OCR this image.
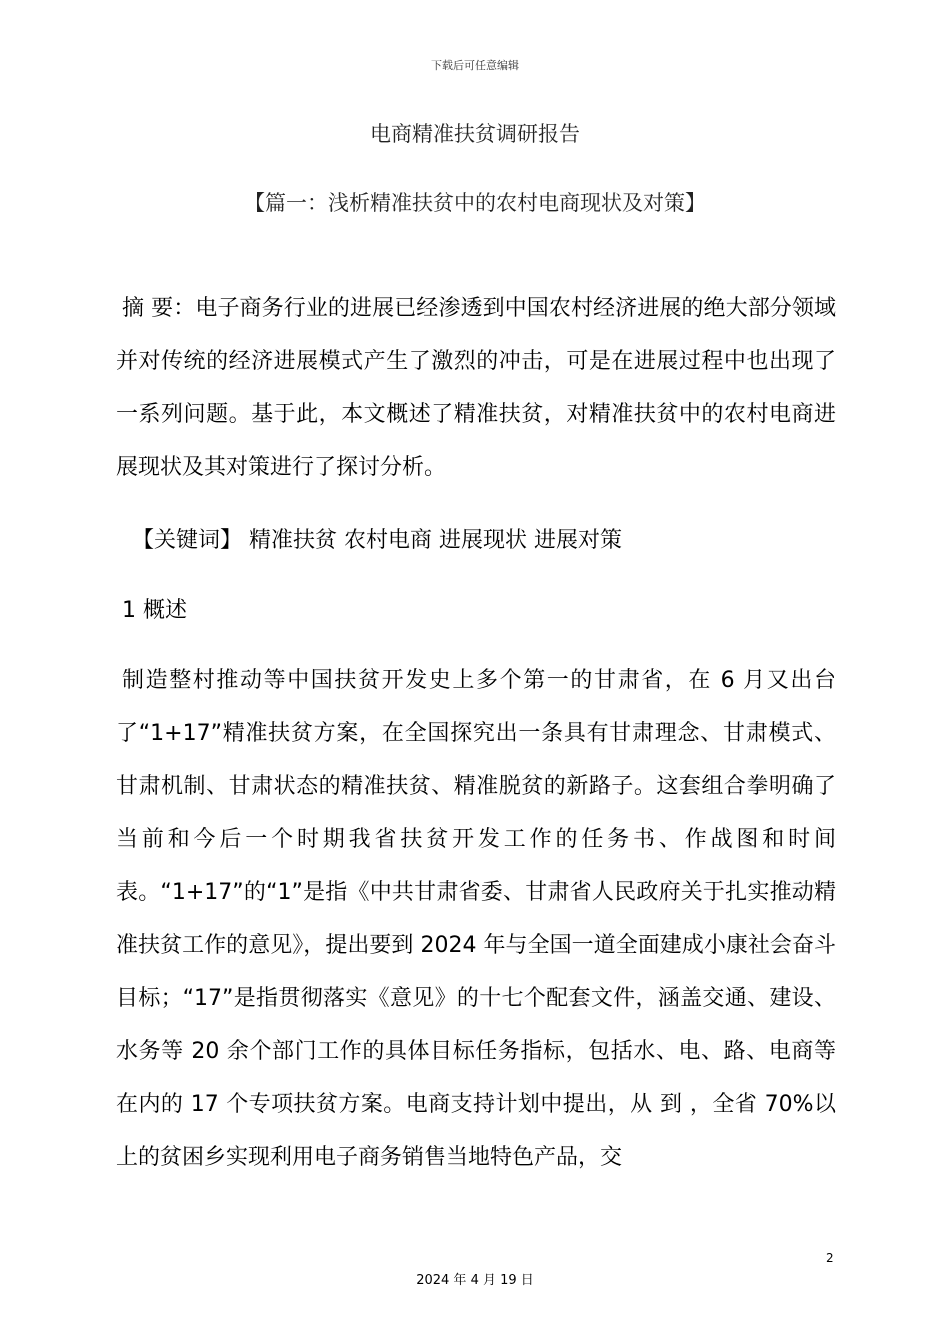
下载后可任意编辑
电商精准扶贫调研报告
【篇一：浅析精准扶贫中的农村电商现状及对策】

摘 要：电子商务行业的进展已经渗透到中国农村经济进展的绝大部分领域并对传统的经济进展模式产生了激烈的冲击，可是在进展过程中也出现了一系列问题。基于此，本文概述了精准扶贫，对精准扶贫中的农村电商进展现状及其对策进行了探讨分析。

【关键词】 精准扶贫 农村电商 进展现状 进展对策
1 概述

制造整村推动等中国扶贫开发史上多个第一的甘肃省，在 6 月又出台了“1+17”精准扶贫方案，在全国探究出一条具有甘肃理念、甘肃模式、甘肃机制、甘肃状态的精准扶贫、精准脱贫的新路子。这套组合拳明确了当前和今后一个时期我省扶贫开发工作的任务书、作战图和时间表。“1+17”的“1”是指《中共甘肃省委、甘肃省人民政府关于扎实推动精准扶贫工作的意见》，提出要到 2024 年与全国一道全面建成小康社会奋斗目标；“17”是指贯彻落实《意见》的十七个配套文件，涵盖交通、建设、水务等 20 余个部门工作的具体目标任务指标，包括水、电、路、电商等在内的 17 个专项扶贫方案。电商支持计划中提出，从 到 ，全省 70%以上的贫困乡实现利用电子商务销售当地特色产品，交

2
2024 年 4 月 19 日
